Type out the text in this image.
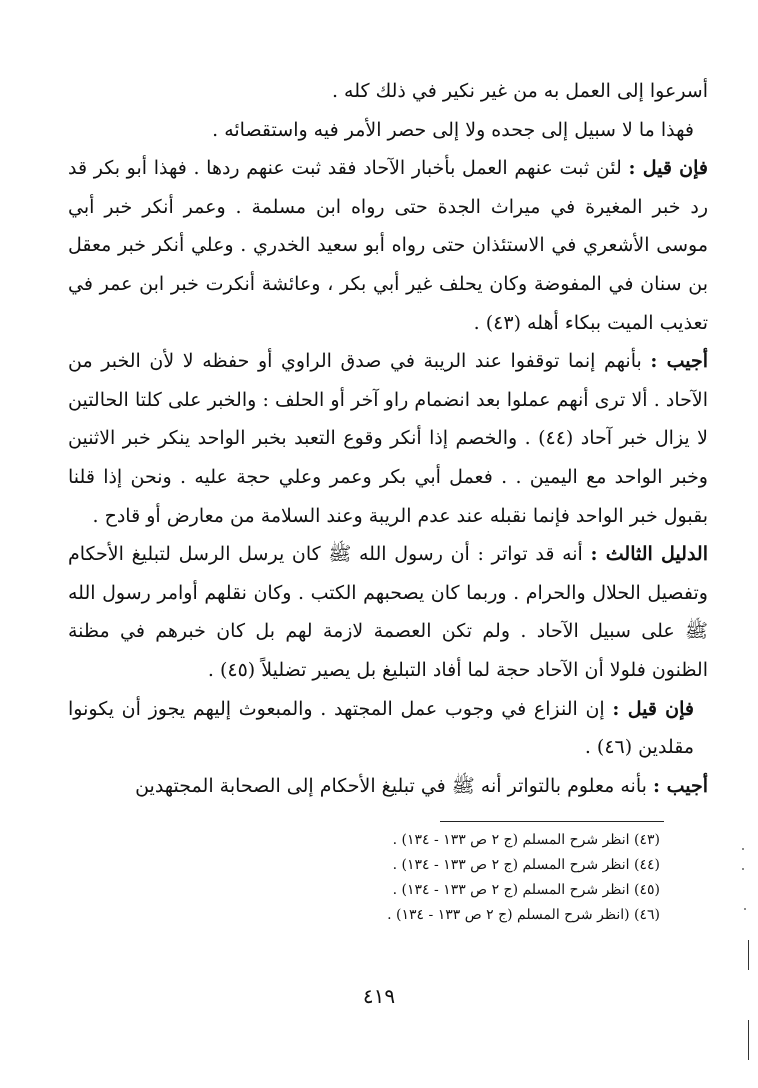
أسرعوا إلى العمل به من غير نكير في ذلك كله .

فهذا ما لا سبيل إلى جحده ولا إلى حصر الأمر فيه واستقصائه .

فإن قيل : لئن ثبت عنهم العمل بأخبار الآحاد فقد ثبت عنهم ردها . فهذا أبو بكر قد رد خبر المغيرة في ميراث الجدة حتى رواه ابن مسلمة . وعمر أنكر خبر أبي موسى الأشعري في الاستئذان حتى رواه أبو سعيد الخدري . وعلي أنكر خبر معقل بن سنان في المفوضة وكان يحلف غير أبي بكر ، وعائشة أنكرت خبر ابن عمر في تعذيب الميت ببكاء أهله (٤٣) .

أجيب : بأنهم إنما توقفوا عند الريبة في صدق الراوي أو حفظه لا لأن الخبر من الآحاد . ألا ترى أنهم عملوا بعد انضمام راو آخر أو الحلف : والخبر على كلتا الحالتين لا يزال خبر آحاد (٤٤) . والخصم إذا أنكر وقوع التعبد بخبر الواحد ينكر خبر الاثنين وخبر الواحد مع اليمين . . فعمل أبي بكر وعمر وعلي حجة عليه . ونحن إذا قلنا بقبول خبر الواحد فإنما نقبله عند عدم الريبة وعند السلامة من معارض أو قادح .

الدليل الثالث : أنه قد تواتر : أن رسول الله ﷺ كان يرسل الرسل لتبليغ الأحكام وتفصيل الحلال والحرام . وربما كان يصحبهم الكتب . وكان نقلهم أوامر رسول الله ﷺ على سبيل الآحاد . ولم تكن العصمة لازمة لهم بل كان خبرهم في مظنة الظنون فلولا أن الآحاد حجة لما أفاد التبليغ بل يصير تضليلاً (٤٥) .

فإن قيل : إن النزاع في وجوب عمل المجتهد . والمبعوث إليهم يجوز أن يكونوا مقلدين (٤٦) .

أجيب : بأنه معلوم بالتواتر أنه ﷺ في تبليغ الأحكام إلى الصحابة المجتهدين

(٤٣) انظر شرح المسلم (ج ٢ ص ١٣٣ - ١٣٤) .

(٤٤) انظر شرح المسلم (ج ٢ ص ١٣٣ - ١٣٤) .

(٤٥) انظر شرح المسلم (ج ٢ ص ١٣٣ - ١٣٤) .

(٤٦) (انظر شرح المسلم (ج ٢ ص ١٣٣ - ١٣٤) .

٤١٩
